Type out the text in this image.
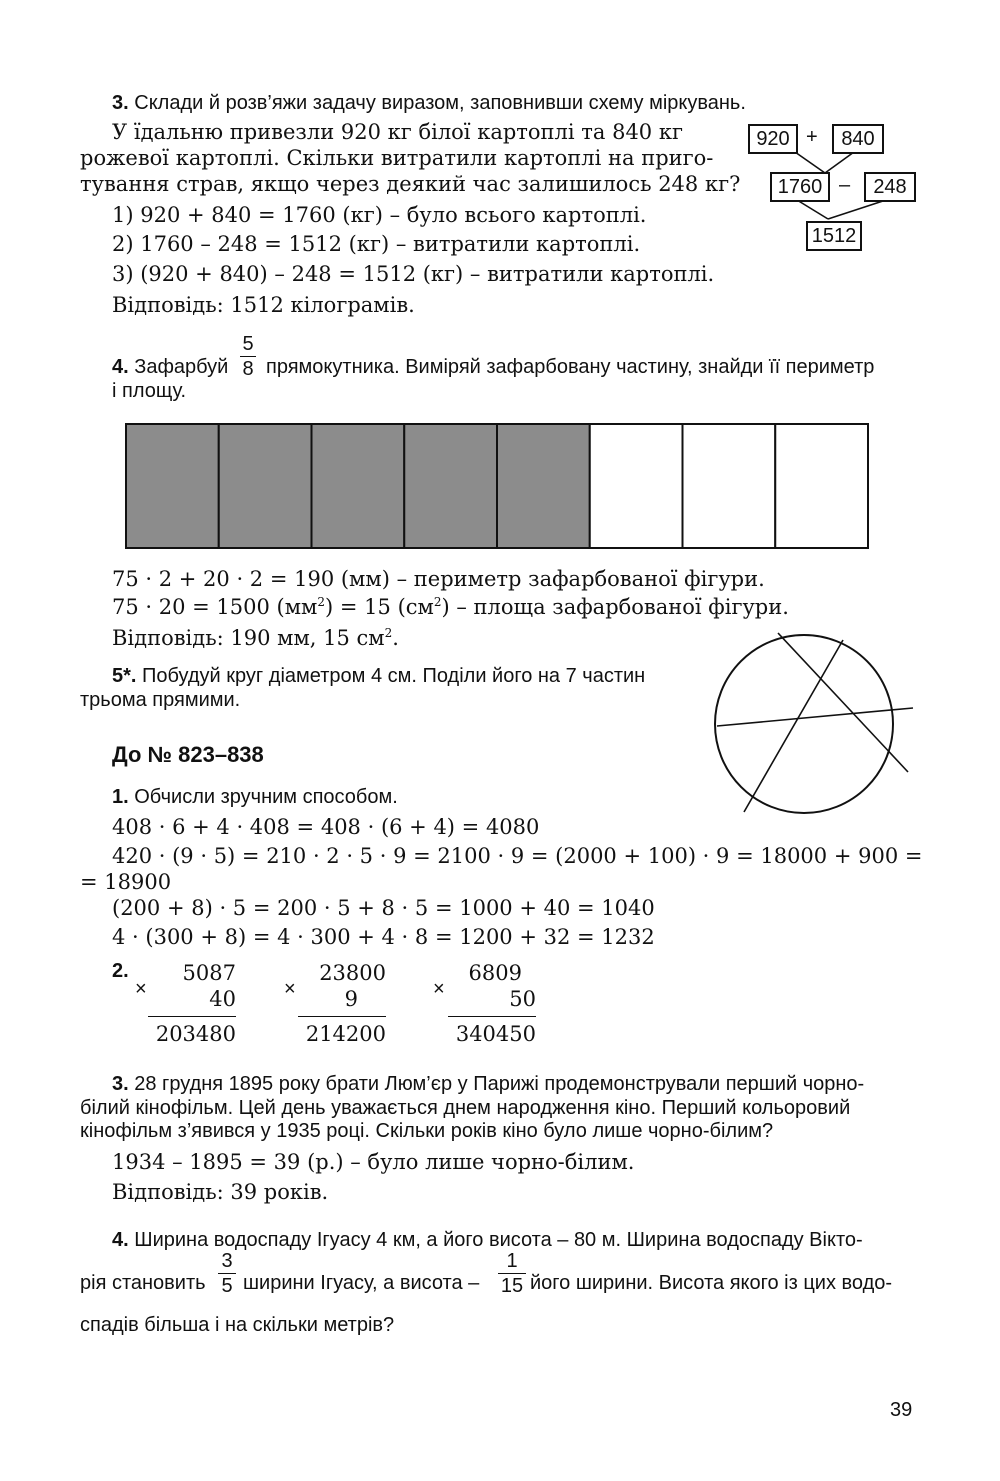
3. Склади й розв’яжи задачу виразом, заповнивши схему міркувань.
У їдальню привезли 920 кг білої картоплі та 840 кг
рожевої картоплі. Скільки витратили картоплі на приго-
тування страв, якщо через деякий час залишилось 248 кг?
1) 920 + 840 = 1760 (кг) – було всього картоплі.
2) 1760 – 248 = 1512 (кг) – витратили картоплі.
3) (920 + 840) – 248 = 1512 (кг) – витратили картоплі.
Відповідь: 1512 кілограмів.
920 +	840
1760 –	248
1512
4. Зафарбуй
5
8 прямокутника. Виміряй зафарбовану частину, знайди її периметр
і площу.
75 · 2 + 20 · 2 = 190 (мм) – периметр зафарбованої фігури.
75 · 20 = 1500 $(мм^2) = 15$ $(см^2)$ – площа зафарбованої фігури.
Відповідь: 190 мм, 15 $см^2$.
5*. Побудуй круг діаметром 4 см. Поділи його на 7 частин
трьома прямими.
До № 823–838
1. Обчисли зручним способом.
408 · 6 + 4 · 408 = 408 · (6 + 4) = 4080
420 · (9 · 5) = 210 · 2 · 5 · 9 = 2100 · 9 = (2000 + 100) · 9 = 18000 + 900 =
= 18900
(200 + 8) · 5 = 200 · 5 + 8 · 5 = 1000 + 40 = 1040
4 · (300 + 8) = 4 · 300 + 4 · 8 = 1200 + 32 = 1232
2.
×
5087
40
203480
×
23800
9
214200
×
6809
50
340450
3. 28 грудня 1895 року брати Люм’єр у Парижі продемонстрували перший чорно-
білий кінофільм. Цей день уважається днем народження кіно. Перший кольоровий
кінофільм з’явився у 1935 році. Скільки років кіно було лише чорно-білим?
1934 – 1895 = 39 (р.) – було лише чорно-білим.
Відповідь: 39 років.
4. Ширина водоспаду Ігуасу 4 км, а його висота – 80 м. Ширина водоспаду Вікто-
рія становить
3
5 ширини Ігуасу, а висота –
1
15 його ширини. Висота якого із цих водо-
спадів більша і на скільки метрів?
39
